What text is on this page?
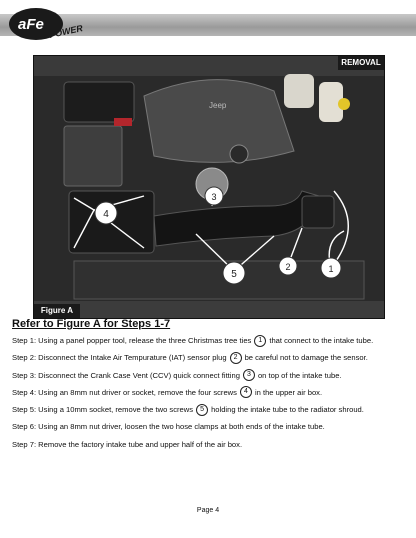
aFe POWER
Jeep
4
3
5
2	1
REMOVAL
Figure A
Refer to Figure A for Steps 1-7
Step 1: Using a panel popper tool, release the three Christmas tree ties	1 that connect to the intake tube.
Step 2: Disconnect the Intake Air Tempurature (IAT) sensor plug	2 be careful not to damage the sensor.
Step 3: Disconnect the Crank Case Vent (CCV) quick connect fitting	3 on top of the intake tube.
Step 4: Using an 8mm nut driver or socket, remove the four screws	4 in the upper air box.
Step 5: Using a 10mm socket, remove the two screws	5 holding the intake tube to the radiator shroud.
Step 6: Using an 8mm nut driver, loosen the two hose clamps at both ends of the intake tube.
Step 7: Remove the factory intake tube and upper half of the air box.
Page 4
